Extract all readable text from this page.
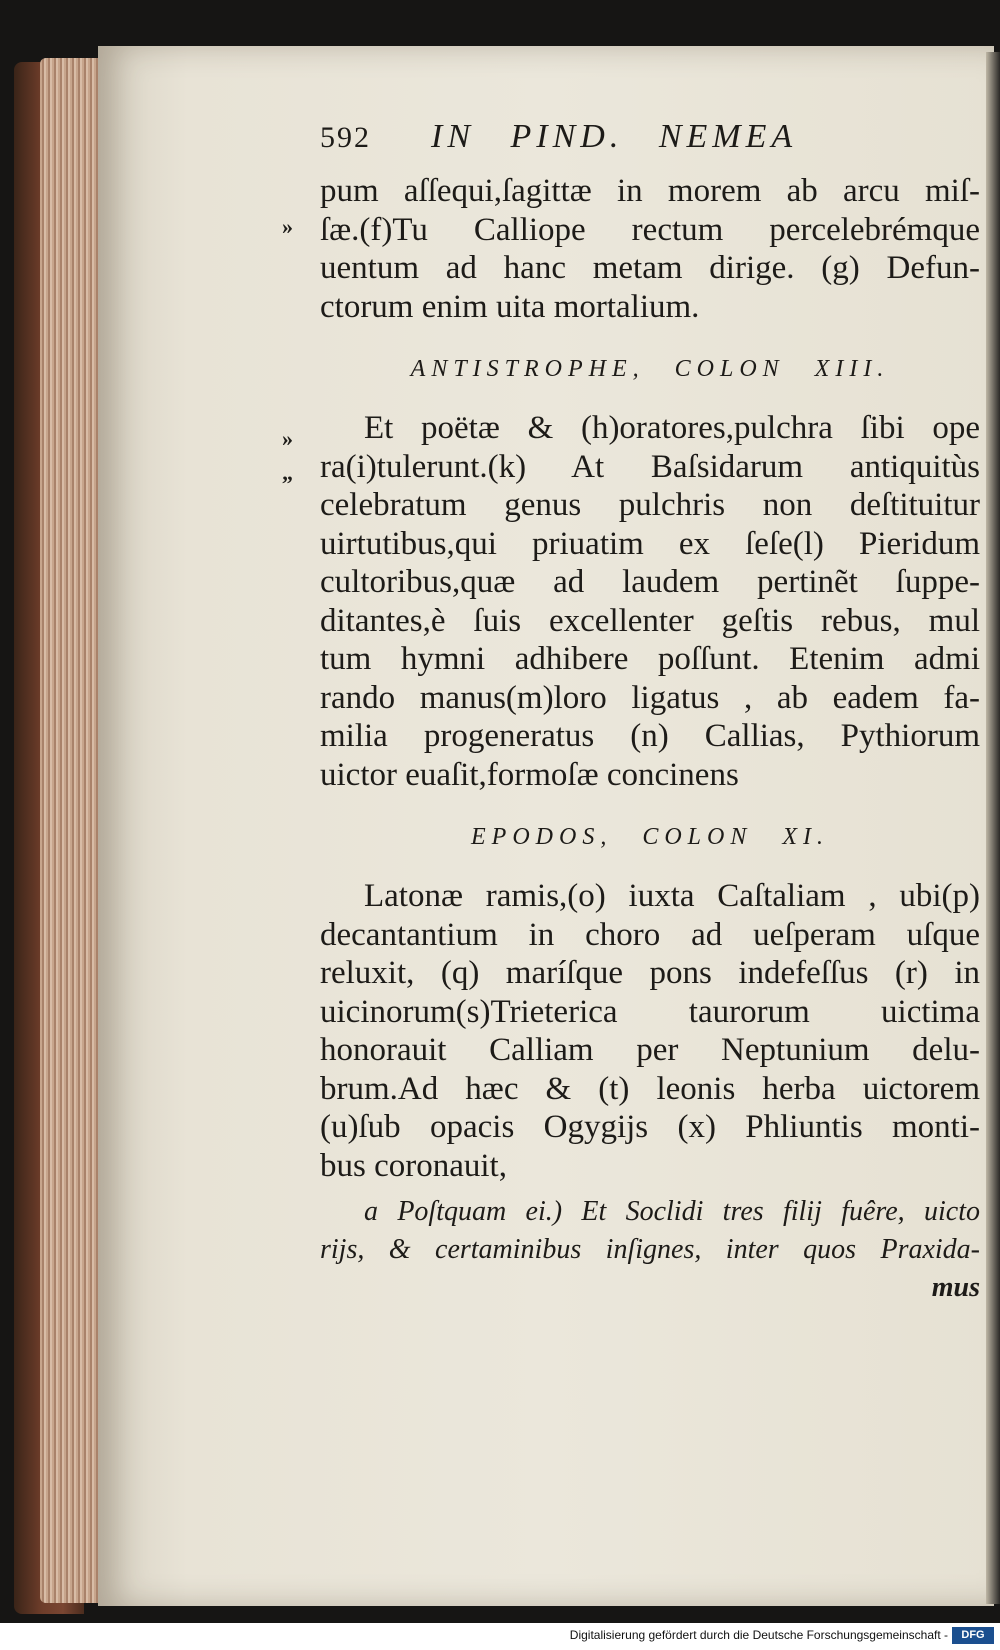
»
»
„
592 IN PIND. NEMEA
pum aſſequi,ſagittæ in morem ab arcu miſ-
ſæ.(f)Tu Calliope rectum percelebrémque
uentum ad hanc metam dirige. (g) Defun-
ctorum enim uita mortalium.
ANTISTROPHE, COLON XIII.
Et poëtæ & (h)oratores,pulchra ſibi ope
ra(i)tulerunt.(k) At Baſsidarum antiquitùs
celebratum genus pulchris non deſtituitur
uirtutibus,qui priuatim ex ſeſe(l) Pieridum
cultoribus,quæ ad laudem pertinẽt ſuppe-
ditantes,è ſuis excellenter geſtis rebus, mul
tum hymni adhibere poſſunt. Etenim admi
rando manus(m)loro ligatus , ab eadem fa-
milia progeneratus (n) Callias, Pythiorum
uictor euaſit,formoſæ concinens
EPODOS, COLON XI.
Latonæ ramis,(o) iuxta Caſtaliam , ubi(p)
decantantium in choro ad ueſperam uſque
reluxit, (q) maríſque pons indefeſſus (r) in
uicinorum(s)Trieterica taurorum uictima
honorauit Calliam per Neptunium delu-
brum.Ad hæc & (t) leonis herba uictorem
(u)ſub opacis Ogygijs (x) Phliuntis monti-
bus coronauit,
a Poſtquam ei.) Et Soclidi tres filij fuêre, uicto
rijs, & certaminibus inſignes, inter quos Praxida-
mus
Digitalisierung gefördert durch die Deutsche Forschungsgemeinschaft -	DFG
